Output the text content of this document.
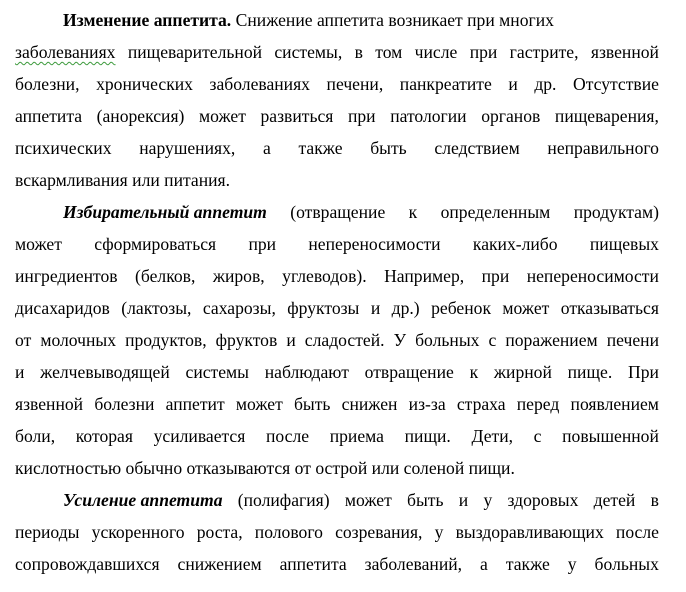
Изменение аппетита. Снижение аппетита возникает при многих
заболеваниях пищеварительной системы, в том числе при гастрите, язвенной
болезни, хронических заболеваниях печени, панкреатите и др. Отсутствие
аппетита (анорексия) может развиться при патологии органов пищеварения,
психических нарушениях, а также быть следствием неправильного
вскармливания или питания.
Избирательный аппетит (отвращение к определенным продуктам)
может сформироваться при непереносимости каких-либо пищевых
ингредиентов (белков, жиров, углеводов). Например, при непереносимости
дисахаридов (лактозы, сахарозы, фруктозы и др.) ребенок может отказываться
от молочных продуктов, фруктов и сладостей. У больных с поражением печени
и желчевыводящей системы наблюдают отвращение к жирной пище. При
язвенной болезни аппетит может быть снижен из-за страха перед появлением
боли, которая усиливается после приема пищи. Дети, с повышенной
кислотностью обычно отказываются от острой или соленой пищи.
Усиление аппетита (полифагия) может быть и у здоровых детей в
периоды ускоренного роста, полового созревания, у выздоравливающих после
сопровождавшихся снижением аппетита заболеваний, а также у больных
